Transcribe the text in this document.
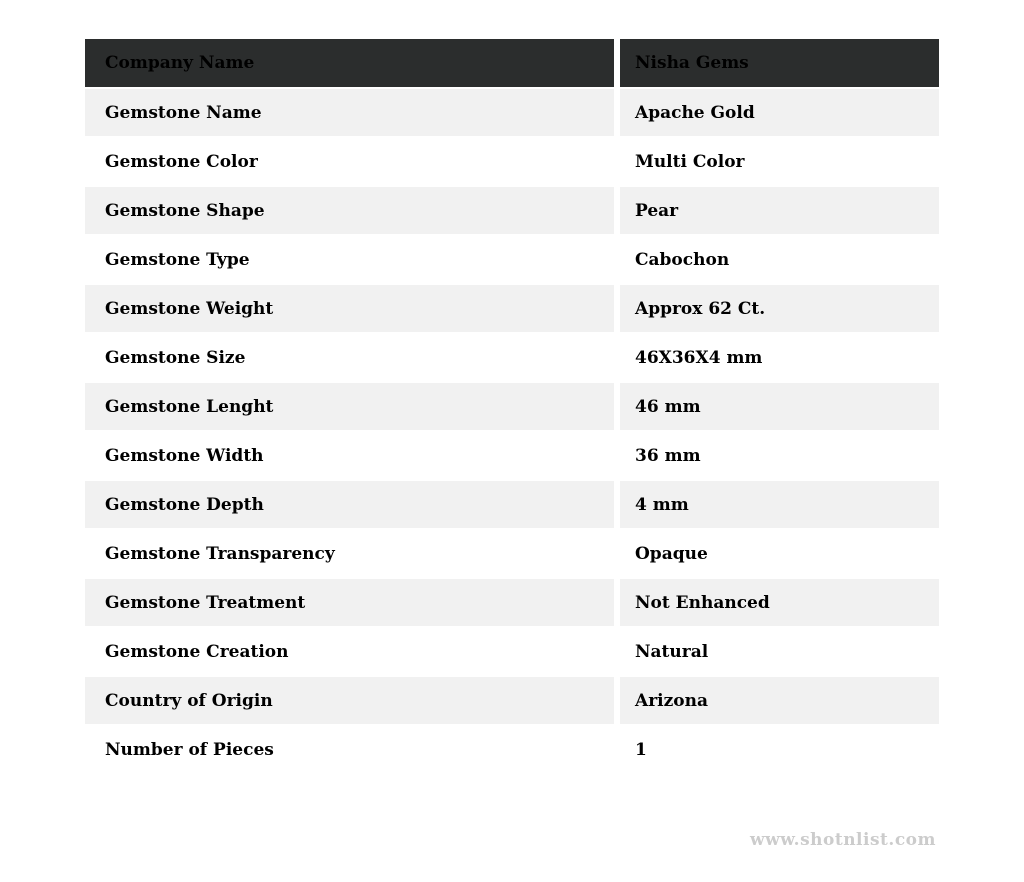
Company Name	Nisha Gems
Gemstone Name	Apache Gold
Gemstone Color	Multi Color
Gemstone Shape	Pear
Gemstone Type	Cabochon
Gemstone Weight	Approx 62 Ct.
Gemstone Size	46X36X4 mm
Gemstone Lenght	46 mm
Gemstone Width	36 mm
Gemstone Depth	4 mm
Gemstone Transparency	Opaque
Gemstone Treatment	Not Enhanced
Gemstone Creation	Natural
Country of Origin	Arizona
Number of Pieces	1
www.shotnlist.com
